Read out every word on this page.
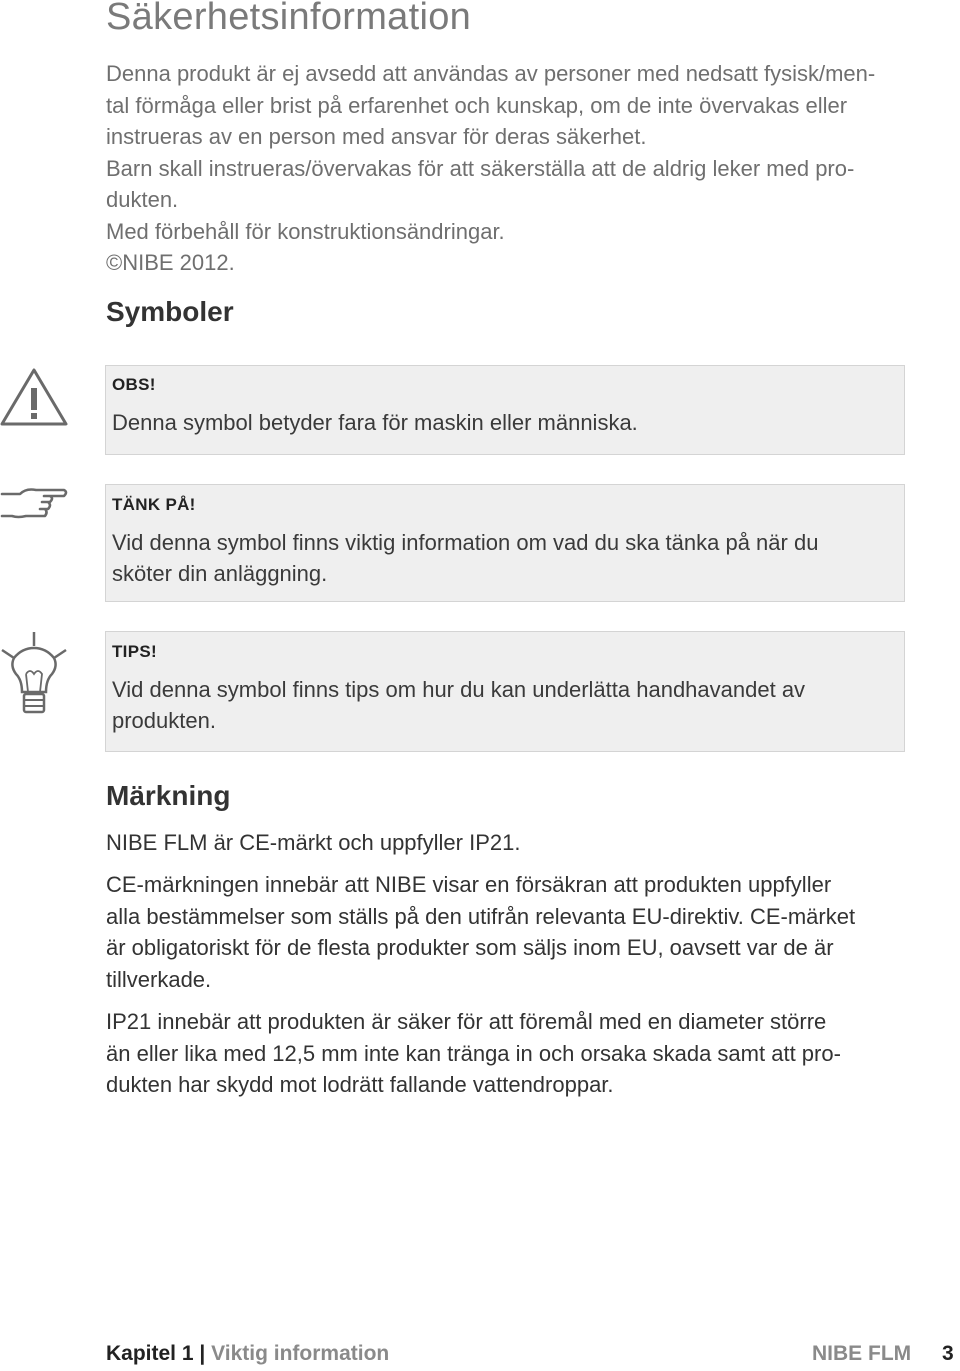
Säkerhetsinformation
Denna produkt är ej avsedd att användas av personer med nedsatt fysisk/men-
tal förmåga eller brist på erfarenhet och kunskap, om de inte övervakas eller
instrueras av en person med ansvar för deras säkerhet.
Barn skall instrueras/övervakas för att säkerställa att de aldrig leker med pro-
dukten.
Med förbehåll för konstruktionsändringar.
©NIBE 2012.
Symboler
OBS!
Denna symbol betyder fara för maskin eller människa.
TÄNK PÅ!
Vid denna symbol finns viktig information om vad du ska tänka på när du
sköter din anläggning.
TIPS!
Vid denna symbol finns tips om hur du kan underlätta handhavandet av
produkten.
Märkning
NIBE FLM är CE-märkt och uppfyller IP21.
CE-märkningen innebär att NIBE visar en försäkran att produkten uppfyller
alla bestämmelser som ställs på den utifrån relevanta EU-direktiv. CE-märket
är obligatoriskt för de flesta produkter som säljs inom EU, oavsett var de är
tillverkade.
IP21 innebär att produkten är säker för att föremål med en diameter större
än eller lika med 12,5 mm inte kan tränga in och orsaka skada samt att pro-
dukten har skydd mot lodrätt fallande vattendroppar.
Kapitel 1 | Viktig information	NIBE FLM 3
